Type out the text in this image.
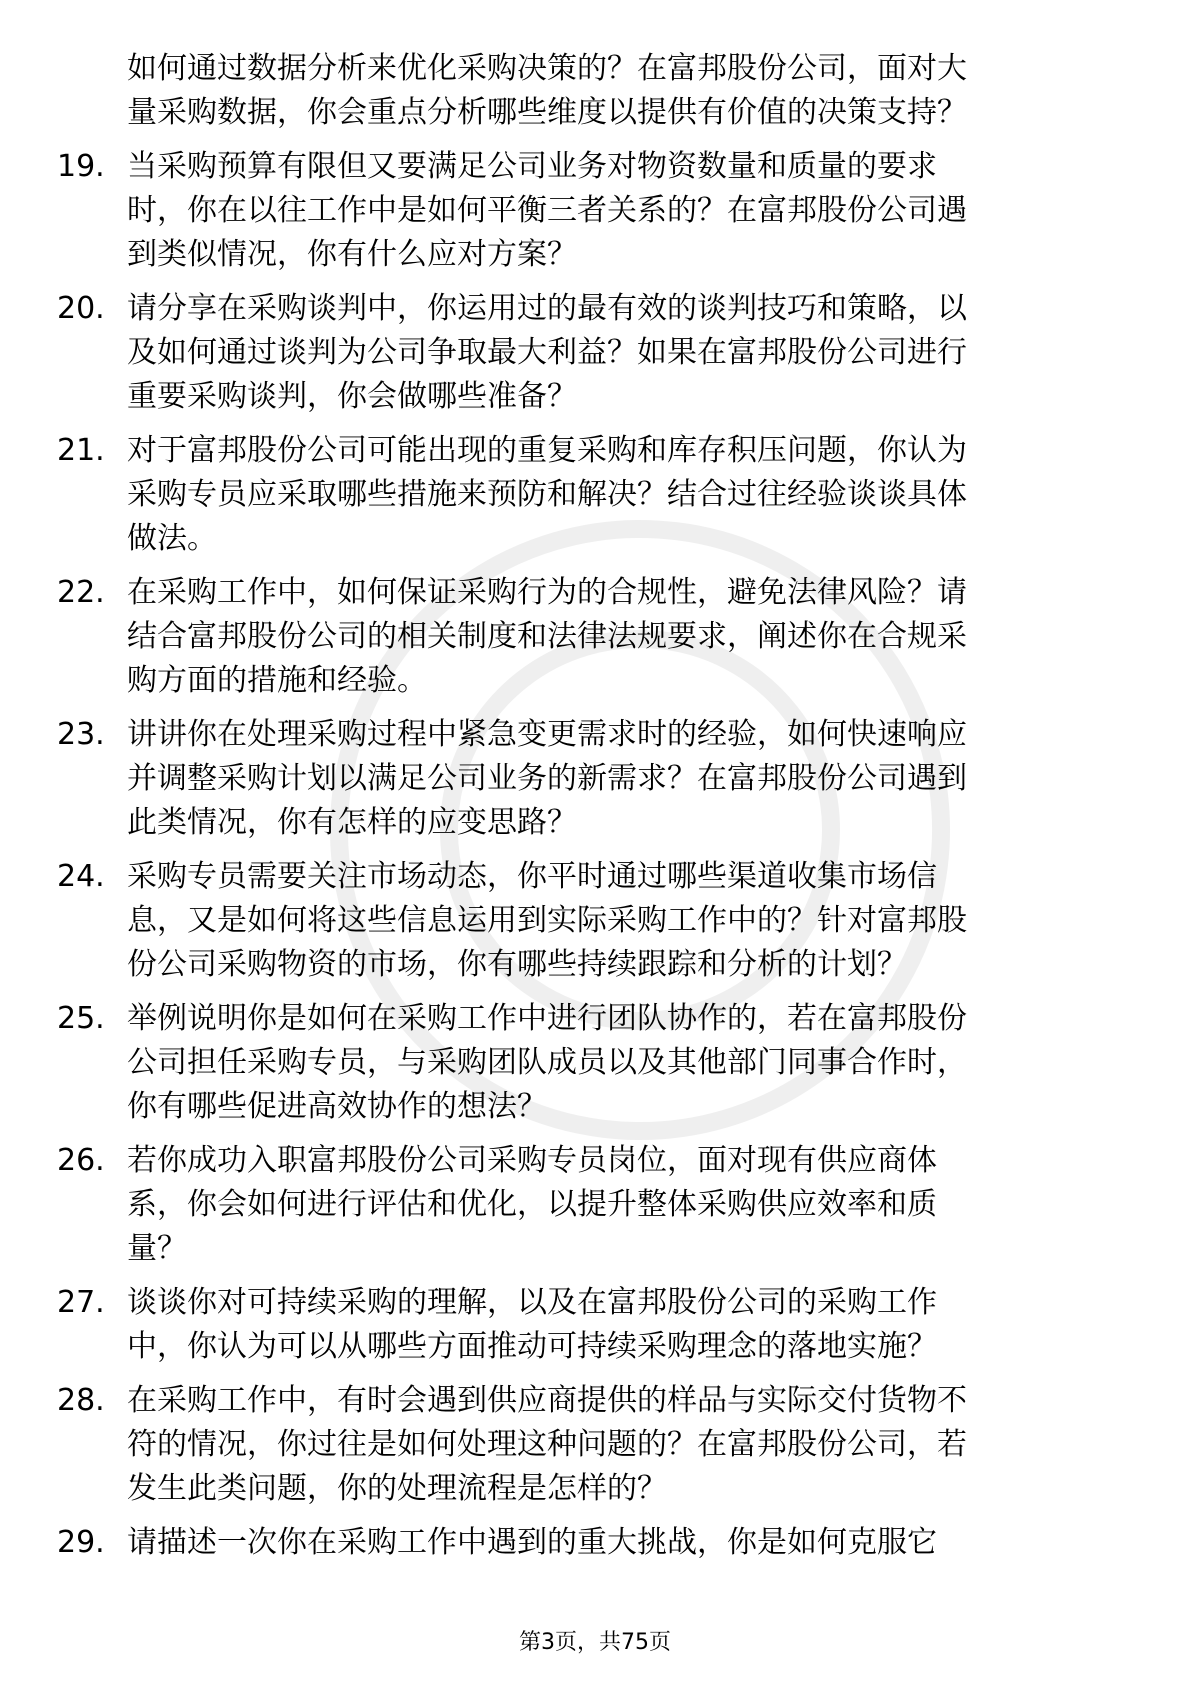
如何通过数据分析来优化采购决策的？在富邦股份公司，面对大
量采购数据，你会重点分析哪些维度以提供有价值的决策支持？
19. 当采购预算有限但又要满足公司业务对物资数量和质量的要求
时，你在以往工作中是如何平衡三者关系的？在富邦股份公司遇
到类似情况，你有什么应对方案？
20. 请分享在采购谈判中，你运用过的最有效的谈判技巧和策略，以
及如何通过谈判为公司争取最大利益？如果在富邦股份公司进行
重要采购谈判，你会做哪些准备？
21. 对于富邦股份公司可能出现的重复采购和库存积压问题，你认为
采购专员应采取哪些措施来预防和解决？结合过往经验谈谈具体
做法。
22. 在采购工作中，如何保证采购行为的合规性，避免法律风险？请
结合富邦股份公司的相关制度和法律法规要求，阐述你在合规采
购方面的措施和经验。
23. 讲讲你在处理采购过程中紧急变更需求时的经验，如何快速响应
并调整采购计划以满足公司业务的新需求？在富邦股份公司遇到
此类情况，你有怎样的应变思路？
24. 采购专员需要关注市场动态，你平时通过哪些渠道收集市场信
息，又是如何将这些信息运用到实际采购工作中的？针对富邦股
份公司采购物资的市场，你有哪些持续跟踪和分析的计划？
25. 举例说明你是如何在采购工作中进行团队协作的，若在富邦股份
公司担任采购专员，与采购团队成员以及其他部门同事合作时，
你有哪些促进高效协作的想法？
26. 若你成功入职富邦股份公司采购专员岗位，面对现有供应商体
系，你会如何进行评估和优化，以提升整体采购供应效率和质
量？
27. 谈谈你对可持续采购的理解，以及在富邦股份公司的采购工作
中，你认为可以从哪些方面推动可持续采购理念的落地实施？
28. 在采购工作中，有时会遇到供应商提供的样品与实际交付货物不
符的情况，你过往是如何处理这种问题的？在富邦股份公司，若
发生此类问题，你的处理流程是怎样的？
29. 请描述一次你在采购工作中遇到的重大挑战，你是如何克服它
第3页，共75页
